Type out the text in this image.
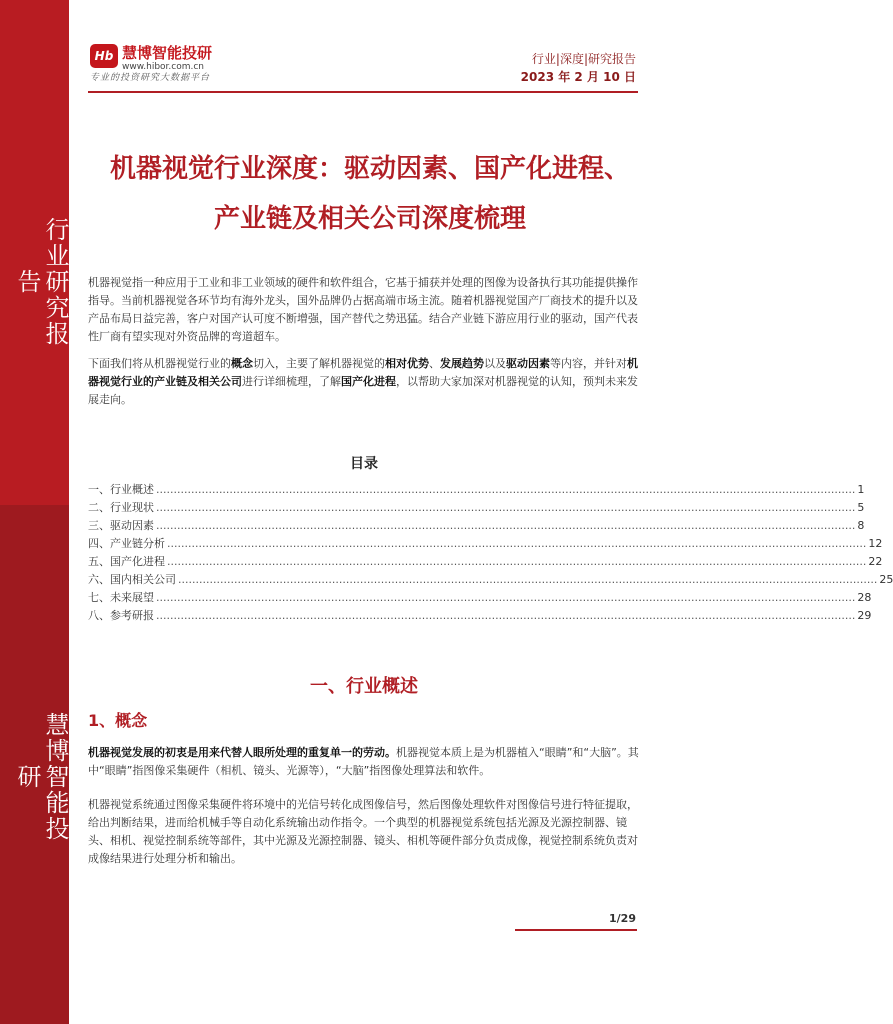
行业研究报告
慧博智能投研
Hb 慧博智能投研
www.hibor.com.cn
专业的投资研究大数据平台
行业|深度|研究报告
2023 年 2 月 10 日
机器视觉行业深度：驱动因素、国产化进程、
产业链及相关公司深度梳理

机器视觉指一种应用于工业和非工业领域的硬件和软件组合，它基于捕获并处理的图像为设备执行其功能提供操作指导。当前机器视觉各环节均有海外龙头，国外品牌仍占据高端市场主流。随着机器视觉国产厂商技术的提升以及产品布局日益完善，客户对国产认可度不断增强，国产替代之势迅猛。结合产业链下游应用行业的驱动，国产代表性厂商有望实现对外资品牌的弯道超车。

下面我们将从机器视觉行业的概念切入，主要了解机器视觉的相对优势、发展趋势以及驱动因素等内容，并针对机器视觉行业的产业链及相关公司进行详细梳理，了解国产化进程，以帮助大家加深对机器视觉的认知，预判未来发展走向。

目录
一、行业概述 ........................................................................................................................................................................................................ 1
二、行业现状 ........................................................................................................................................................................................................ 5
三、驱动因素 ........................................................................................................................................................................................................ 8
四、产业链分析 ........................................................................................................................................................................................................ 12
五、国产化进程 ........................................................................................................................................................................................................ 22
六、国内相关公司 ........................................................................................................................................................................................................ 25
七、未来展望 ........................................................................................................................................................................................................ 28
八、参考研报 ........................................................................................................................................................................................................ 29
一、行业概述
1、概念

机器视觉发展的初衷是用来代替人眼所处理的重复单一的劳动。机器视觉本质上是为机器植入“眼睛”和“大脑”。其中“眼睛”指图像采集硬件（相机、镜头、光源等），“大脑”指图像处理算法和软件。

机器视觉系统通过图像采集硬件将环境中的光信号转化成图像信号，然后图像处理软件对图像信号进行特征提取，给出判断结果，进而给机械手等自动化系统输出动作指令。一个典型的机器视觉系统包括光源及光源控制器、镜头、相机、视觉控制系统等部件，其中光源及光源控制器、镜头、相机等硬件部分负责成像，视觉控制系统负责对成像结果进行处理分析和输出。

1/29
